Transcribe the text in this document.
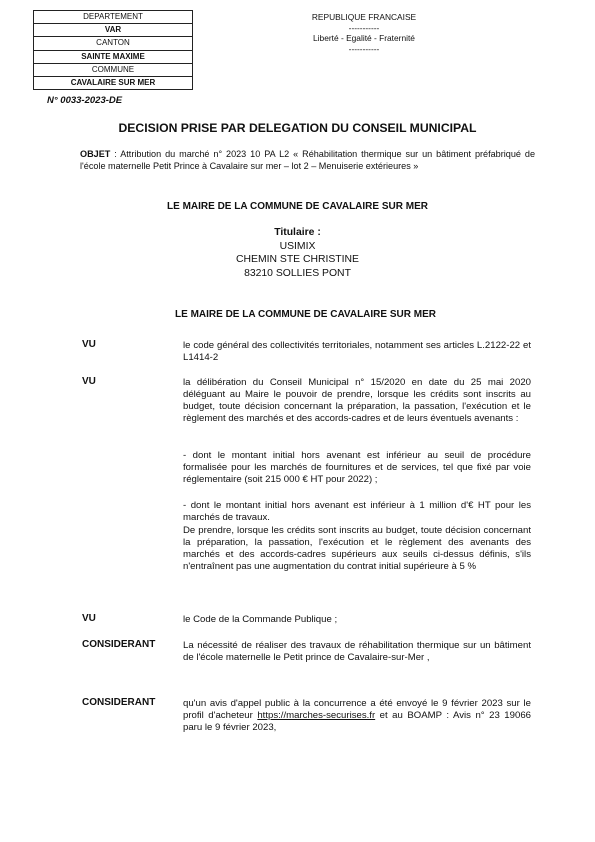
DEPARTEMENT
VAR
CANTON
SAINTE MAXIME
COMMUNE
CAVALAIRE SUR MER
REPUBLIQUE FRANCAISE
-----------
Liberté - Egalité - Fraternité
-----------
N° 0033-2023-DE
DECISION PRISE PAR DELEGATION DU CONSEIL MUNICIPAL
OBJET : Attribution du marché n° 2023 10 PA L2 « Réhabilitation thermique sur un bâtiment préfabriqué de l'école maternelle Petit Prince à Cavalaire sur mer – lot 2 – Menuiserie extérieures »
LE MAIRE DE LA COMMUNE DE CAVALAIRE SUR MER
Titulaire :
USIMIX
CHEMIN STE CHRISTINE
83210 SOLLIES PONT
LE MAIRE DE LA COMMUNE DE CAVALAIRE SUR MER
VU	le code général des collectivités territoriales, notamment ses articles L.2122-22 et L1414-2
VU	la délibération du Conseil Municipal n° 15/2020 en date du 25 mai 2020 déléguant au Maire le pouvoir de prendre, lorsque les crédits sont inscrits au budget, toute décision concernant la préparation, la passation, l'exécution et le règlement des marchés et des accords-cadres et de leurs éventuels avenants :
- dont le montant initial hors avenant est inférieur au seuil de procédure formalisée pour les marchés de fournitures et de services, tel que fixé par voie réglementaire (soit 215 000 € HT pour 2022) ;
- dont le montant initial hors avenant est inférieur à 1 million d'€ HT pour les marchés de travaux.
De prendre, lorsque les crédits sont inscrits au budget, toute décision concernant la préparation, la passation, l'exécution et le règlement des avenants des marchés et des accords-cadres supérieurs aux seuils ci-dessus définis, s'ils n'entraînent pas une augmentation du contrat initial supérieure à 5 %
VU	le Code de la Commande Publique ;
CONSIDERANT	La nécessité de réaliser des travaux de réhabilitation thermique sur un bâtiment de l'école maternelle le Petit prince de Cavalaire-sur-Mer ,
CONSIDERANT	qu'un avis d'appel public à la concurrence a été envoyé le 9 février 2023 sur le profil d'acheteur https://marches-securises.fr et au BOAMP : Avis n° 23 19066 paru le 9 février 2023,
